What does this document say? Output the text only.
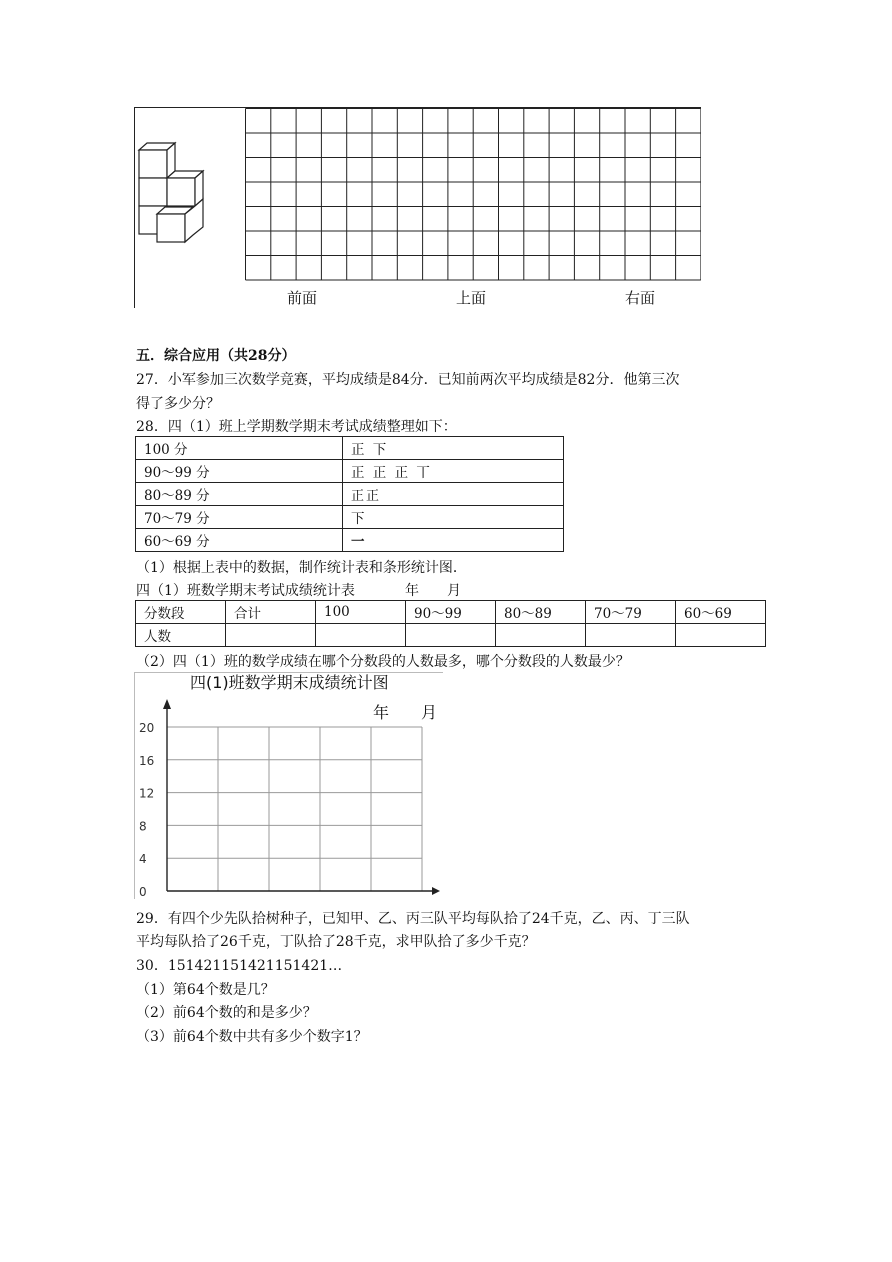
前面	上面	右面
五．综合应用（共28分）
27．小军参加三次数学竞赛，平均成绩是84分．已知前两次平均成绩是82分．他第三次
得了多少分？
28．四（1）班上学期数学期末考试成绩整理如下：
100 分	正 下
90～99 分	正 正 正 丅
80～89 分	正正
70～79 分	下
60～69 分	一
（1）根据上表中的数据，制作统计表和条形统计图．
四（1）班数学期末考试成绩统计表	年　　月
分数段	合计	100	90～99	80～89	70～79	60～69
人数						
（2）四（1）班的数学成绩在哪个分数段的人数最多，哪个分数段的人数最少？
四(1)班数学期末成绩统计图
年　　月
20
16
12
8
4
0
29．有四个少先队拾树种子，已知甲、乙、丙三队平均每队拾了24千克，乙、丙、丁三队
平均每队拾了26千克，丁队拾了28千克，求甲队拾了多少千克？
30．151421151421151421…
（1）第64个数是几？
（2）前64个数的和是多少？
（3）前64个数中共有多少个数字1？
